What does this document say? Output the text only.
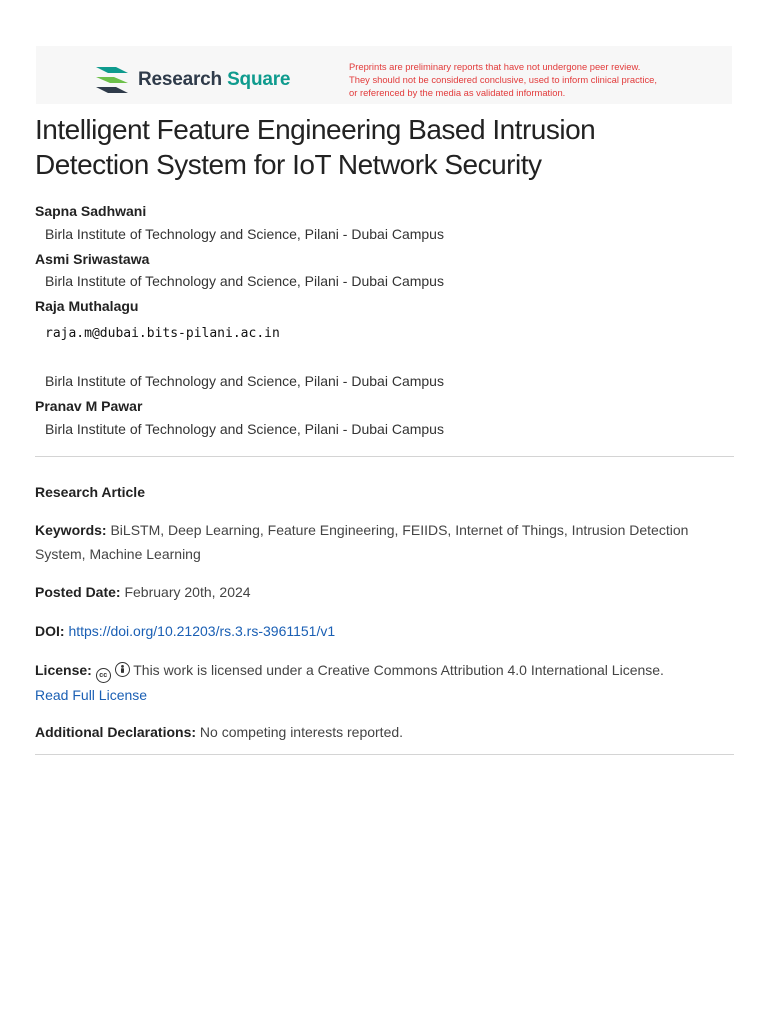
Research Square
Preprints are preliminary reports that have not undergone peer review.
They should not be considered conclusive, used to inform clinical practice,
or referenced by the media as validated information.
Intelligent Feature Engineering Based Intrusion
Detection System for IoT Network Security
Sapna Sadhwani
Birla Institute of Technology and Science, Pilani - Dubai Campus
Asmi Sriwastawa
Birla Institute of Technology and Science, Pilani - Dubai Campus
Raja Muthalagu
raja.m@dubai.bits-pilani.ac.in
Birla Institute of Technology and Science, Pilani - Dubai Campus
Pranav M Pawar
Birla Institute of Technology and Science, Pilani - Dubai Campus
Research Article
Keywords: BiLSTM, Deep Learning, Feature Engineering, FEIIDS, Internet of Things, Intrusion Detection System, Machine Learning
Posted Date: February 20th, 2024
DOI: https://doi.org/10.21203/rs.3.rs-3961151/v1
License: cc This work is licensed under a Creative Commons Attribution 4.0 International License.
Read Full License
Additional Declarations: No competing interests reported.
